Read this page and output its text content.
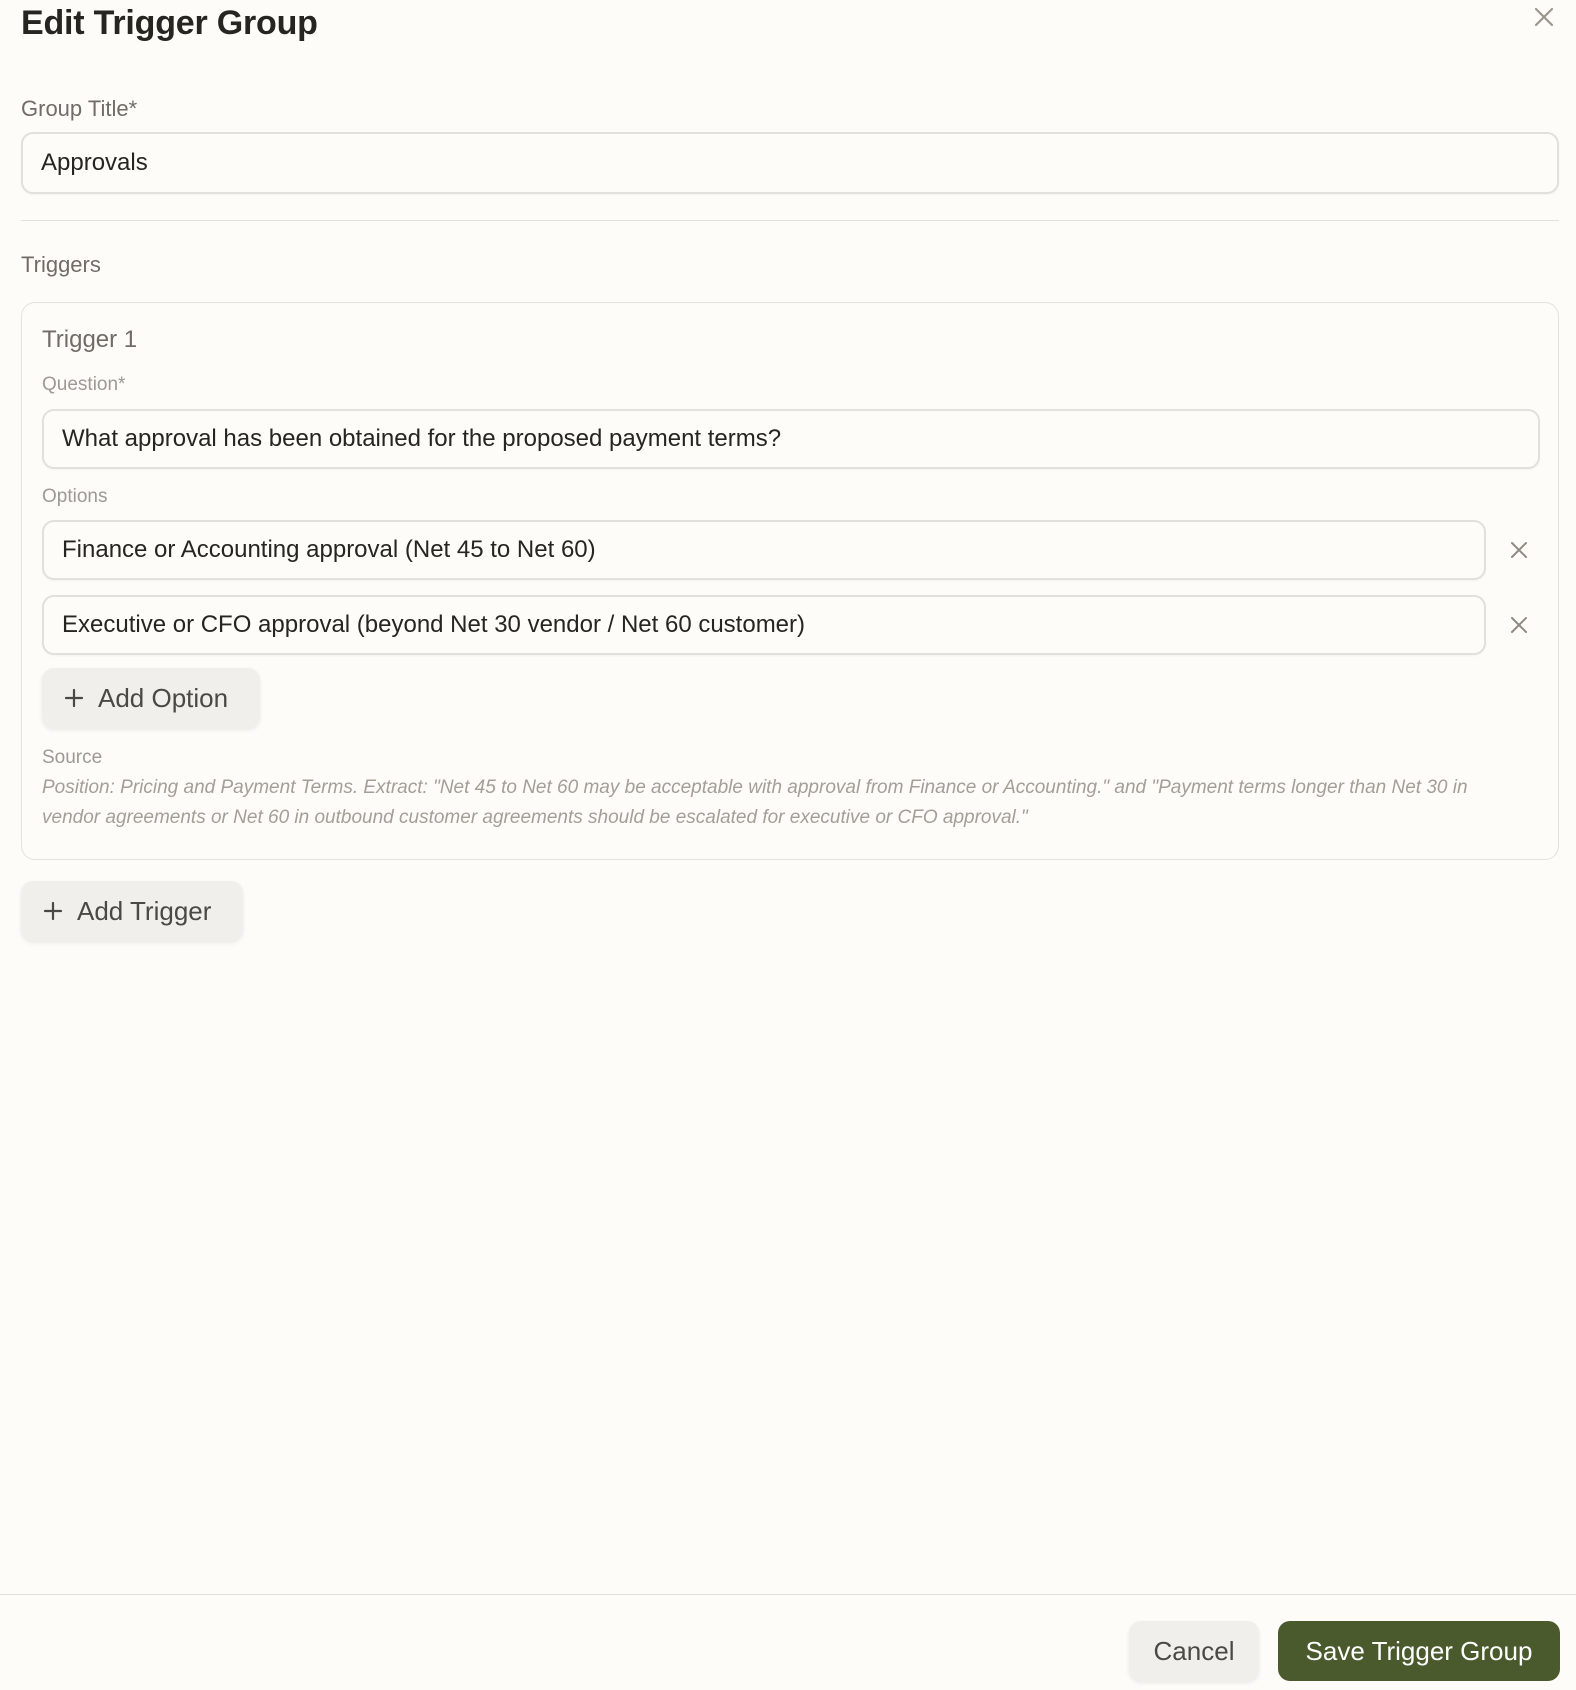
Edit Trigger Group
Group Title*
Approvals
Triggers
Trigger 1
Question*
What approval has been obtained for the proposed payment terms?
Options
Finance or Accounting approval (Net 45 to Net 60)
Executive or CFO approval (beyond Net 30 vendor / Net 60 customer)
Add Option
Source
Position: Pricing and Payment Terms. Extract: "Net 45 to Net 60 may be acceptable with approval from Finance or Accounting." and "Payment terms longer than Net 30 in vendor agreements or Net 60 in outbound customer agreements should be escalated for executive or CFO approval."
Add Trigger
Cancel	Save Trigger Group
